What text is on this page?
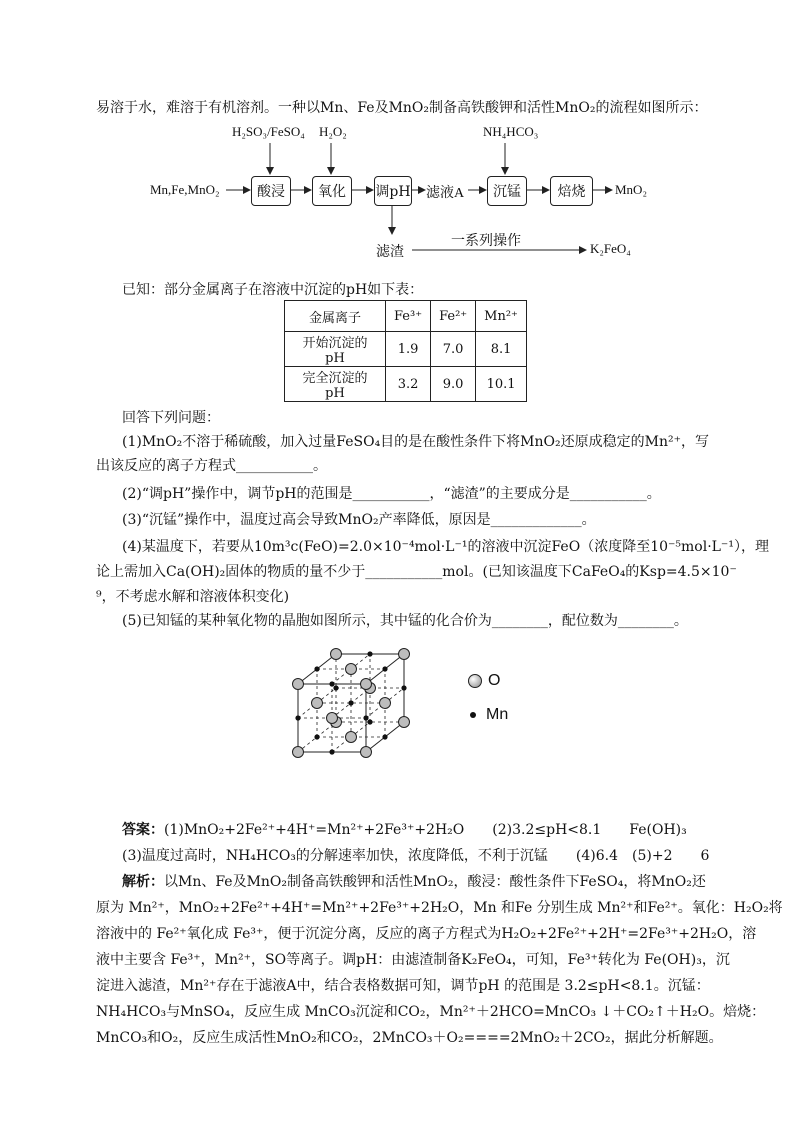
易溶于水，难溶于有机溶剂。一种以Mn、Fe及MnO₂制备高铁酸钾和活性MnO₂的流程如图所示：
H₂SO₃/FeSO₄ H₂O₂	NH₄HCO₃
Mn,Fe,MnO₂	酸浸	氧化	调pH 滤液A	沉锰	焙烧	MnO₂
滤渣
一系列操作	K₂FeO₄
已知：部分金属离子在溶液中沉淀的pH如下表：
金属离子	Fe³⁺	Fe²⁺	Mn²⁺
开始沉淀的pH	1.9	7.0	8.1
完全沉淀的pH	3.2	9.0	10.1
回答下列问题：
(1)MnO₂不溶于稀硫酸，加入过量FeSO₄目的是在酸性条件下将MnO₂还原成稳定的Mn²⁺，写
出该反应的离子方程式___________。
(2)“调pH”操作中，调节pH的范围是___________，“滤渣”的主要成分是___________。
(3)“沉锰”操作中，温度过高会导致MnO₂产率降低，原因是_____________。
(4)某温度下，若要从10m³c(FeO)=2.0×10⁻⁴mol·L⁻¹的溶液中沉淀FeO（浓度降至10⁻⁵mol·L⁻¹），理
论上需加入Ca(OH)₂固体的物质的量不少于___________mol。(已知该温度下CaFeO₄的Ksp=4.5×10⁻
⁹，不考虑水解和溶液体积变化)
(5)已知锰的某种氧化物的晶胞如图所示，其中锰的化合价为________，配位数为________。
O
Mn
答案：(1)MnO₂+2Fe²⁺+4H⁺=Mn²⁺+2Fe³⁺+2H₂O　　(2)3.2≤pH<8.1　　Fe(OH)₃
(3)温度过高时，NH₄HCO₃的分解速率加快，浓度降低，不利于沉锰　　(4)6.4　(5)+2　　6
解析：以Mn、Fe及MnO₂制备高铁酸钾和活性MnO₂，酸浸：酸性条件下FeSO₄，将MnO₂还
原为 Mn²⁺，MnO₂+2Fe²⁺+4H⁺=Mn²⁺+2Fe³⁺+2H₂O，Mn 和Fe 分别生成 Mn²⁺和Fe²⁺。氧化：H₂O₂将
溶液中的 Fe²⁺氧化成 Fe³⁺，便于沉淀分离，反应的离子方程式为H₂O₂+2Fe²⁺+2H⁺=2Fe³⁺+2H₂O，溶
液中主要含 Fe³⁺，Mn²⁺，SO等离子。调pH：由滤渣制备K₂FeO₄，可知，Fe³⁺转化为 Fe(OH)₃，沉
淀进入滤渣，Mn²⁺存在于滤液A中，结合表格数据可知，调节pH 的范围是 3.2≤pH<8.1。沉锰：
NH₄HCO₃与MnSO₄，反应生成 MnCO₃沉淀和CO₂，Mn²⁺＋2HCO=MnCO₃ ↓＋CO₂↑＋H₂O。焙烧：
MnCO₃和O₂，反应生成活性MnO₂和CO₂，2MnCO₃＋O₂====2MnO₂＋2CO₂，据此分析解题。
